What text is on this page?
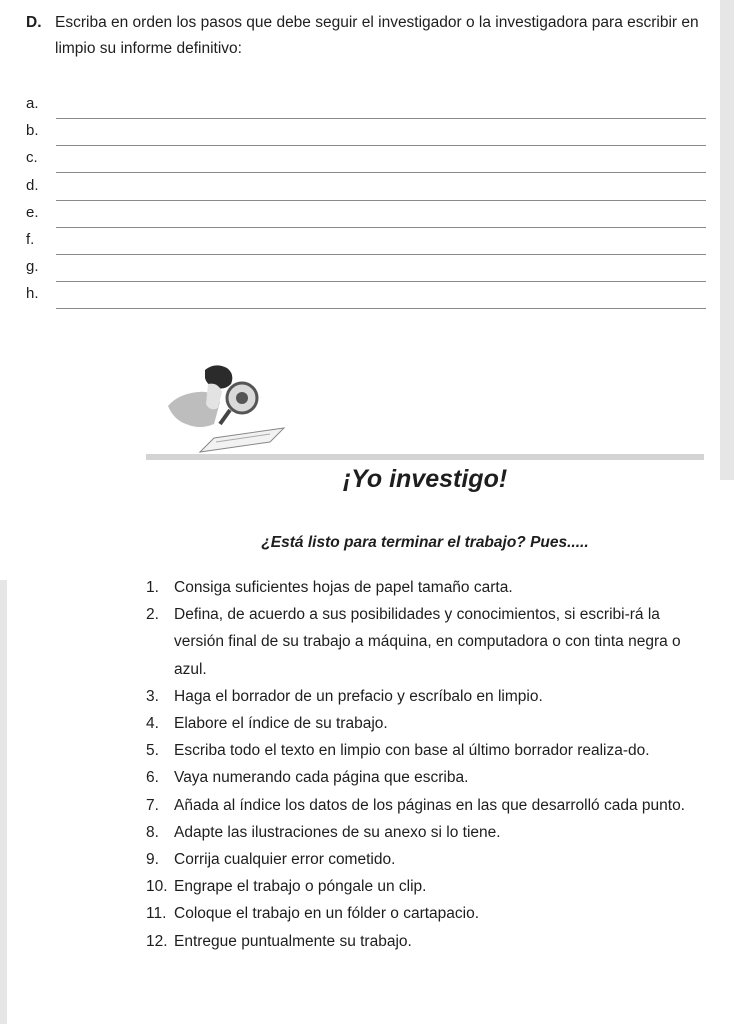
D. Escriba en orden los pasos que debe seguir el investigador o la investigadora para escribir en limpio su informe definitivo:
a.
b.
c.
d.
e.
f.
g.
h.
¡Yo investigo!
¿Está listo para terminar el trabajo? Pues.....
1. Consiga suficientes hojas de papel tamaño carta.
2. Defina, de acuerdo a sus posibilidades y conocimientos, si escribi-rá la versión final de su trabajo a máquina, en computadora o con tinta negra o azul.
3. Haga el borrador de un prefacio y escríbalo en limpio.
4. Elabore el índice de su trabajo.
5. Escriba todo el texto en limpio con base al último borrador realiza-do.
6. Vaya numerando cada página que escriba.
7. Añada al índice los datos de los páginas en las que desarrolló cada punto.
8. Adapte las ilustraciones de su anexo si lo tiene.
9. Corrija cualquier error cometido.
10. Engrape el trabajo o póngale un clip.
11. Coloque el trabajo en un fólder o cartapacio.
12. Entregue puntualmente su trabajo.
